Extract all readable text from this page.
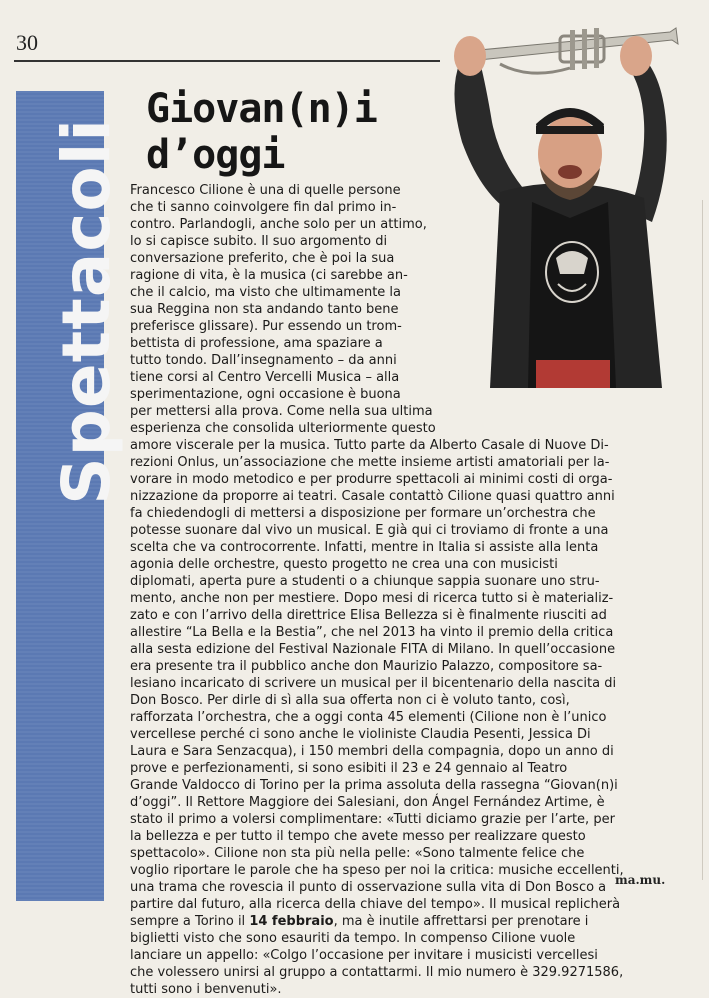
30
Spettacoli
Giovan(n)i
d’oggi
Francesco Cilione è una di quelle persone
che ti sanno coinvolgere fin dal primo in-
contro. Parlandogli, anche solo per un attimo,
lo si capisce subito. Il suo argomento di
conversazione preferito, che è poi la sua
ragione di vita, è la musica (ci sarebbe an-
che il calcio, ma visto che ultimamente la
sua Reggina non sta andando tanto bene
preferisce glissare). Pur essendo un trom-
bettista di professione, ama spaziare a
tutto tondo. Dall’insegnamento – da anni
tiene corsi al Centro Vercelli Musica – alla
sperimentazione, ogni occasione è buona
per mettersi alla prova. Come nella sua ultima
esperienza che consolida ulteriormente questo
amore viscerale per la musica. Tutto parte da Alberto Casale di Nuove Di-
rezioni Onlus, un’associazione che mette insieme artisti amatoriali per la-
vorare in modo metodico e per produrre spettacoli ai minimi costi di orga-
nizzazione da proporre ai teatri. Casale contattò Cilione quasi quattro anni
fa chiedendogli di mettersi a disposizione per formare un’orchestra che
potesse suonare dal vivo un musical. E già qui ci troviamo di fronte a una
scelta che va controcorrente. Infatti, mentre in Italia si assiste alla lenta
agonia delle orchestre, questo progetto ne crea una con musicisti
diplomati, aperta pure a studenti o a chiunque sappia suonare uno stru-
mento, anche non per mestiere. Dopo mesi di ricerca tutto si è materializ-
zato e con l’arrivo della direttrice Elisa Bellezza si è finalmente riusciti ad
allestire “La Bella e la Bestia”, che nel 2013 ha vinto il premio della critica
alla sesta edizione del Festival Nazionale FITA di Milano. In quell’occasione
era presente tra il pubblico anche don Maurizio Palazzo, compositore sa-
lesiano incaricato di scrivere un musical per il bicentenario della nascita di
Don Bosco. Per dirle di sì alla sua offerta non ci è voluto tanto, così,
rafforzata l’orchestra, che a oggi conta 45 elementi (Cilione non è l’unico
vercellese perché ci sono anche le violiniste Claudia Pesenti, Jessica Di
Laura e Sara Senzacqua), i 150 membri della compagnia, dopo un anno di
prove e perfezionamenti, si sono esibiti il 23 e 24 gennaio al Teatro
Grande Valdocco di Torino per la prima assoluta della rassegna “Giovan(n)i
d’oggi”. Il Rettore Maggiore dei Salesiani, don Ángel Fernández Artime, è
stato il primo a volersi complimentare: «Tutti diciamo grazie per l’arte, per
la bellezza e per tutto il tempo che avete messo per realizzare questo
spettacolo». Cilione non sta più nella pelle: «Sono talmente felice che
voglio riportare le parole che ha speso per noi la critica: musiche eccellenti,
una trama che rovescia il punto di osservazione sulla vita di Don Bosco a
partire dal futuro, alla ricerca della chiave del tempo». Il musical replicherà
sempre a Torino il 14 febbraio, ma è inutile affrettarsi per prenotare i
biglietti visto che sono esauriti da tempo. In compenso Cilione vuole
lanciare un appello: «Colgo l’occasione per invitare i musicisti vercellesi
che volessero unirsi al gruppo a contattarmi. Il mio numero è 329.9271586,
tutti sono i benvenuti».
ma.mu.
